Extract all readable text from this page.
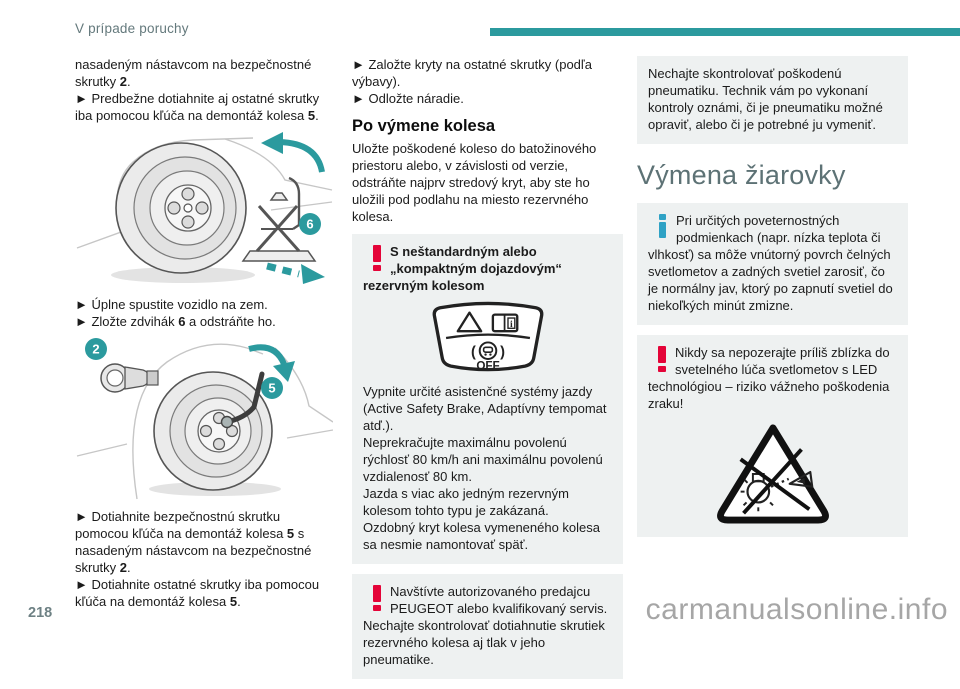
V prípade poruchy

nasadeným nástavcom na bezpečnostné skrutky 2.

► Predbežne dotiahnite aj ostatné skrutky iba pomocou kľúča na demontáž kolesa 5.

6

► Úplne spustite vozidlo na zem.

► Zložte zdvihák 6 a odstráňte ho.

2
5

► Dotiahnite bezpečnostnú skrutku pomocou kľúča na demontáž kolesa 5 s nasadeným nástavcom na bezpečnostné skrutky 2.

► Dotiahnite ostatné skrutky iba pomocou kľúča na demontáž kolesa 5.

► Založte kryty na ostatné skrutky (podľa výbavy).

► Odložte náradie.

Po výmene kolesa

Uložte poškodené koleso do batožinového priestoru alebo, v závislosti od verzie, odstráňte najprv stredový kryt, aby ste ho uložili pod podlahu na miesto rezervného kolesa.

S neštandardným alebo „kompaktným dojazdovým“ rezervným kolesom

i
( )
OFF

Vypnite určité asistenčné systémy jazdy (Active Safety Brake, Adaptívny tempomat atď.).

Neprekračujte maximálnu povolenú rýchlosť 80 km/h ani maximálnu povolenú vzdialenosť 80 km.

Jazda s viac ako jedným rezervným kolesom tohto typu je zakázaná.

Ozdobný kryt kolesa vymeneného kolesa sa nesmie namontovať späť.

Navštívte autorizovaného predajcu PEUGEOT alebo kvalifikovaný servis. Nechajte skontrolovať dotiahnutie skrutiek rezervného kolesa aj tlak v jeho pneumatike.

Nechajte skontrolovať poškodenú pneumatiku. Technik vám po vykonaní kontroly oznámi, či je pneumatiku možné opraviť, alebo či je potrebné ju vymeniť.

Výmena žiarovky

Pri určitých poveternostných podmienkach (napr. nízka teplota či vlhkosť) sa môže vnútorný povrch čelných svetlometov a zadných svetiel zarosiť, čo je normálny jav, ktorý po zapnutí svetiel do niekoľkých minút zmizne.

Nikdy sa nepozerajte príliš zblízka do svetelného lúča svetlometov s LED technológiou – riziko vážneho poškodenia zraku!

218	carmanualsonline.info
